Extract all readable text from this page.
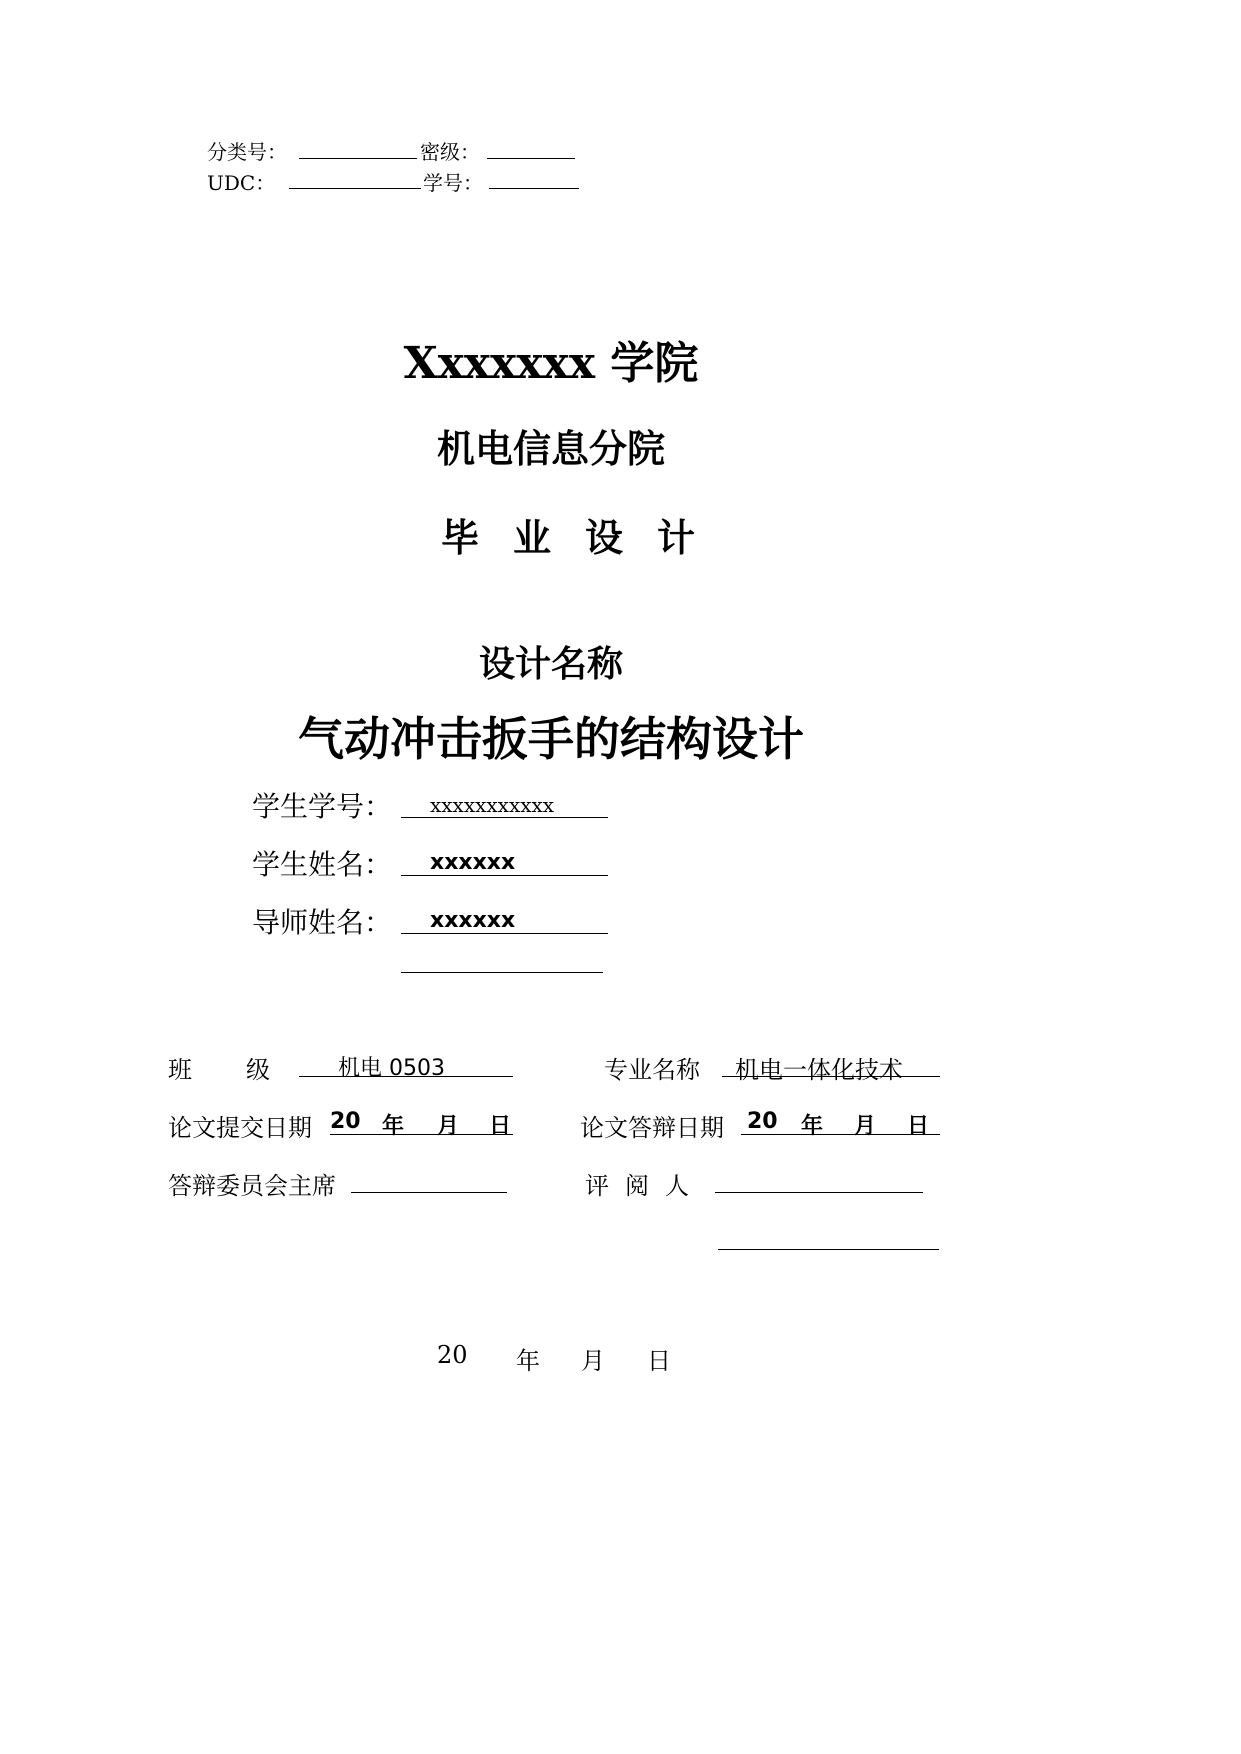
分类号：	密级：
UDC：	学号：
Xxxxxxx 学院
机电信息分院
毕业设计
设计名称
气动冲击扳手的结构设计
学生学号： xxxxxxxxxxx
学生姓名： xxxxxx
导师姓名： xxxxxx
班 级	机电 0503	专业名称 机电一体化技术
论文提交日期 20 年 月 日	论文答辩日期 20 年 月 日
答辩委员会主席	评 阅 人
20 年 月 日
